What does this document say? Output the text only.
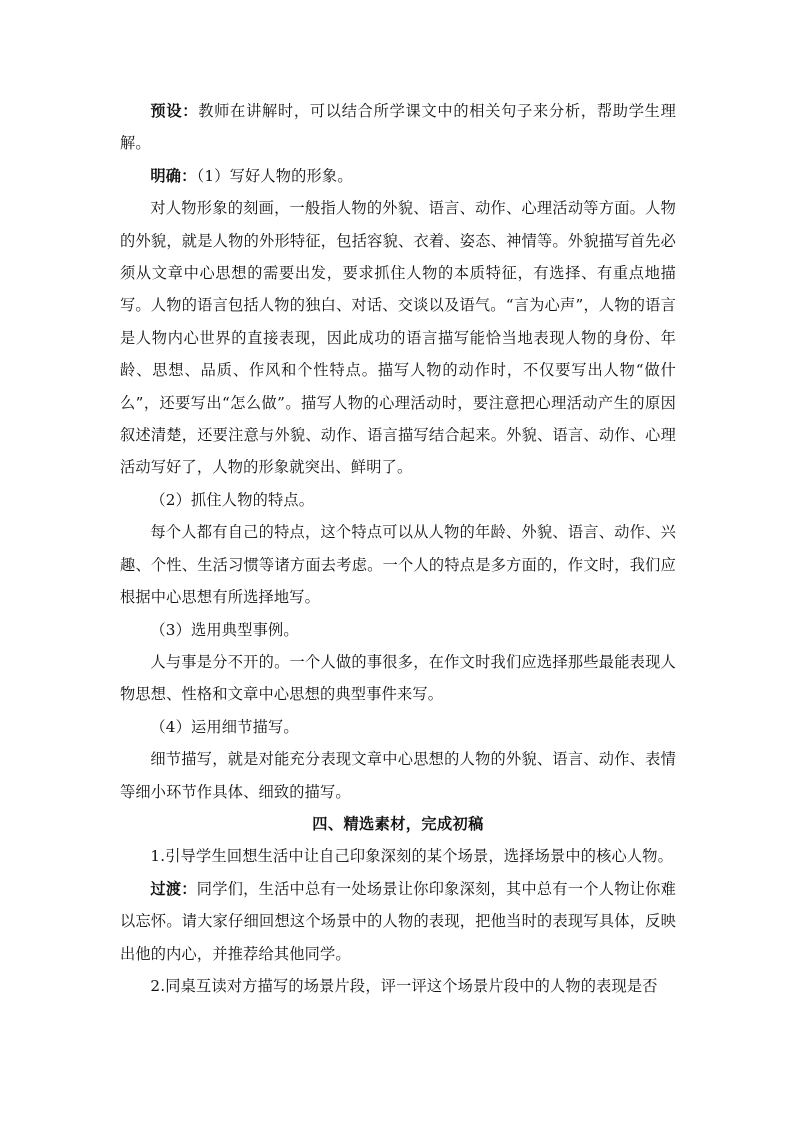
预设：教师在讲解时，可以结合所学课文中的相关句子来分析，帮助学生理解。

明确：（1）写好人物的形象。

对人物形象的刻画，一般指人物的外貌、语言、动作、心理活动等方面。人物的外貌，就是人物的外形特征，包括容貌、衣着、姿态、神情等。外貌描写首先必须从文章中心思想的需要出发，要求抓住人物的本质特征，有选择、有重点地描写。人物的语言包括人物的独白、对话、交谈以及语气。“言为心声”，人物的语言是人物内心世界的直接表现，因此成功的语言描写能恰当地表现人物的身份、年龄、思想、品质、作风和个性特点。描写人物的动作时，不仅要写出人物“做什么”，还要写出“怎么做”。描写人物的心理活动时，要注意把心理活动产生的原因叙述清楚，还要注意与外貌、动作、语言描写结合起来。外貌、语言、动作、心理活动写好了，人物的形象就突出、鲜明了。

（2）抓住人物的特点。

每个人都有自己的特点，这个特点可以从人物的年龄、外貌、语言、动作、兴趣、个性、生活习惯等诸方面去考虑。一个人的特点是多方面的，作文时，我们应根据中心思想有所选择地写。

（3）选用典型事例。

人与事是分不开的。一个人做的事很多，在作文时我们应选择那些最能表现人物思想、性格和文章中心思想的典型事件来写。

（4）运用细节描写。

细节描写，就是对能充分表现文章中心思想的人物的外貌、语言、动作、表情等细小环节作具体、细致的描写。

四、精选素材，完成初稿

1.引导学生回想生活中让自己印象深刻的某个场景，选择场景中的核心人物。

过渡：同学们，生活中总有一处场景让你印象深刻，其中总有一个人物让你难以忘怀。请大家仔细回想这个场景中的人物的表现，把他当时的表现写具体，反映出他的内心，并推荐给其他同学。

2.同桌互读对方描写的场景片段，评一评这个场景片段中的人物的表现是否
